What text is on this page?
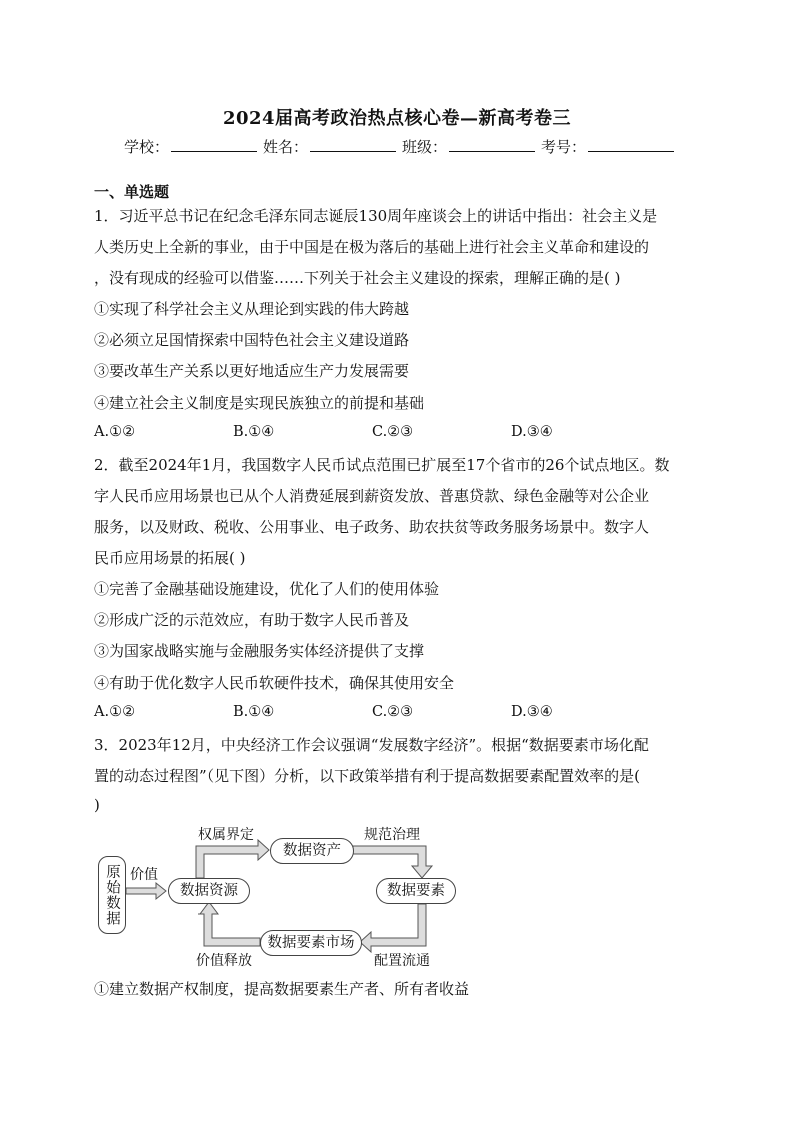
2024届高考政治热点核心卷—新高考卷三
学校：	姓名：	班级：	考号：
一、单选题
1．习近平总书记在纪念毛泽东同志诞辰130周年座谈会上的讲话中指出：社会主义是
人类历史上全新的事业，由于中国是在极为落后的基础上进行社会主义革命和建设的
，没有现成的经验可以借鉴……下列关于社会主义建设的探索，理解正确的是( )
①实现了科学社会主义从理论到实践的伟大跨越
②必须立足国情探索中国特色社会主义建设道路
③要改革生产关系以更好地适应生产力发展需要
④建立社会主义制度是实现民族独立的前提和基础
A.①②	B.①④	C.②③	D.③④
2．截至2024年1月，我国数字人民币试点范围已扩展至17个省市的26个试点地区。数
字人民币应用场景也已从个人消费延展到薪资发放、普惠贷款、绿色金融等对公企业
服务，以及财政、税收、公用事业、电子政务、助农扶贫等政务服务场景中。数字人
民币应用场景的拓展( )
①完善了金融基础设施建设，优化了人们的使用体验
②形成广泛的示范效应，有助于数字人民币普及
③为国家战略实施与金融服务实体经济提供了支撑
④有助于优化数字人民币软硬件技术，确保其使用安全
A.①②	B.①④	C.②③	D.③④
3．2023年12月，中央经济工作会议强调“发展数字经济”。根据“数据要素市场化配
置的动态过程图”（见下图）分析，以下政策举措有利于提高数据要素配置效率的是(
)
原始数据 价值
数据资源
权属界定
数据资产
规范治理
数据要素
数据要素市场
价值释放	配置流通
①建立数据产权制度，提高数据要素生产者、所有者收益
